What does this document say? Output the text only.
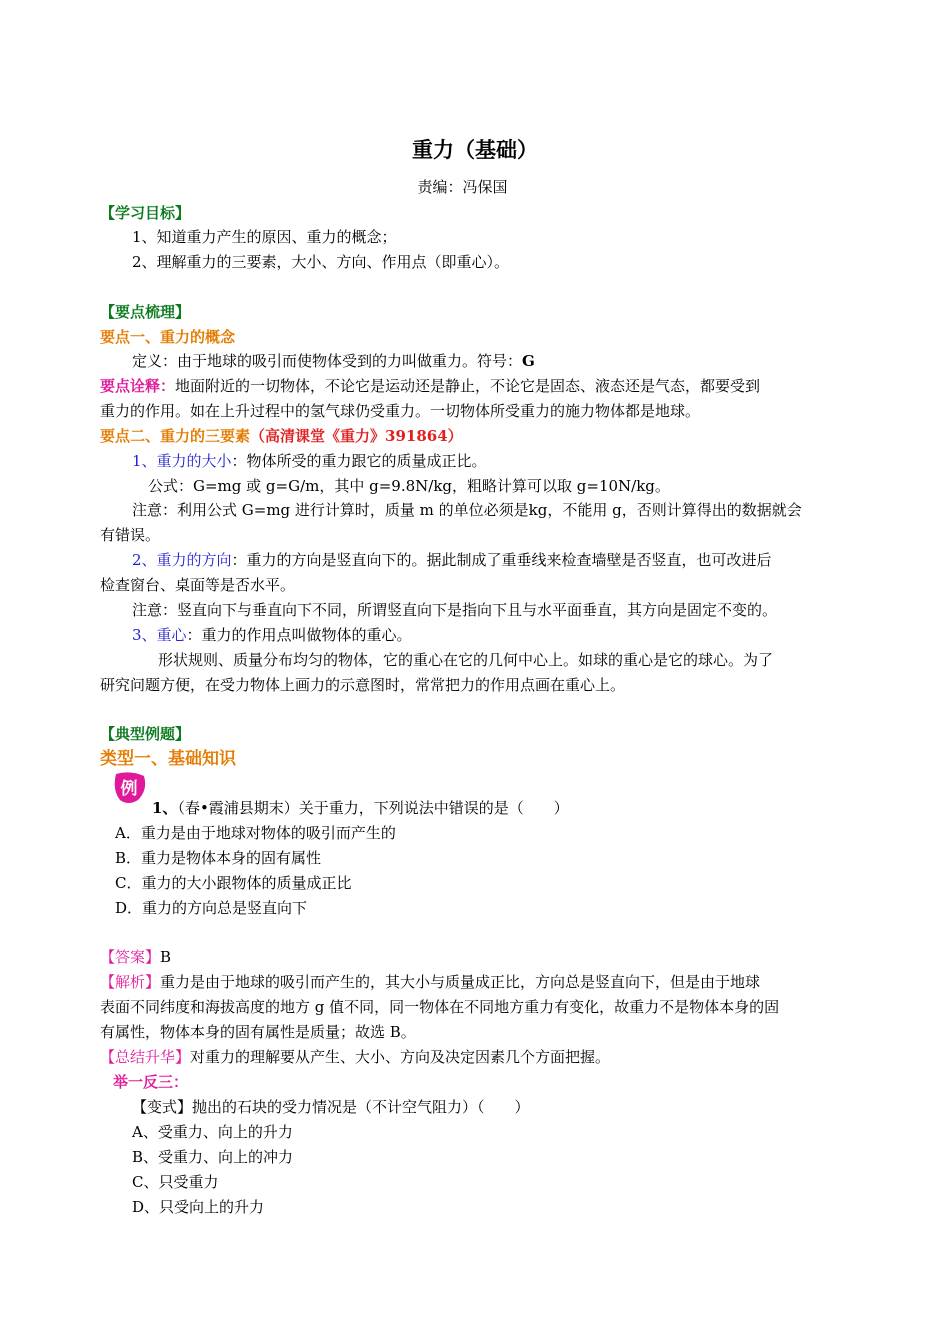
重力（基础）
责编：冯保国
【学习目标】
1、知道重力产生的原因、重力的概念；
2、理解重力的三要素，大小、方向、作用点（即重心）。
【要点梳理】
要点一、重力的概念
定义：由于地球的吸引而使物体受到的力叫做重力。符号：G
要点诠释：地面附近的一切物体，不论它是运动还是静止，不论它是固态、液态还是气态，都要受到
重力的作用。如在上升过程中的氢气球仍受重力。一切物体所受重力的施力物体都是地球。
要点二、重力的三要素（高清课堂《重力》391864）
1、重力的大小：物体所受的重力跟它的质量成正比。
公式：G=mg 或 g=G/m，其中 g=9.8N/kg，粗略计算可以取 g=10N/kg。
注意：利用公式 G=mg 进行计算时，质量 m 的单位必须是kg，不能用 g，否则计算得出的数据就会
有错误。
2、重力的方向：重力的方向是竖直向下的。据此制成了重垂线来检查墙壁是否竖直，也可改进后
检查窗台、桌面等是否水平。
注意：竖直向下与垂直向下不同，所谓竖直向下是指向下且与水平面垂直，其方向是固定不变的。
3、重心：重力的作用点叫做物体的重心。
形状规则、质量分布均匀的物体，它的重心在它的几何中心上。如球的重心是它的球心。为了
研究问题方便，在受力物体上画力的示意图时，常常把力的作用点画在重心上。
【典型例题】
类型一、基础知识
例
1、（春•霞浦县期末）关于重力，下列说法中错误的是（　　）
A．重力是由于地球对物体的吸引而产生的
B．重力是物体本身的固有属性
C．重力的大小跟物体的质量成正比
D．重力的方向总是竖直向下
【答案】B
【解析】重力是由于地球的吸引而产生的，其大小与质量成正比，方向总是竖直向下，但是由于地球
表面不同纬度和海拔高度的地方 g 值不同，同一物体在不同地方重力有变化，故重力不是物体本身的固
有属性，物体本身的固有属性是质量；故选 B。
【总结升华】对重力的理解要从产生、大小、方向及决定因素几个方面把握。
举一反三：
【变式】抛出的石块的受力情况是（不计空气阻力）（　　）
A、受重力、向上的升力
B、受重力、向上的冲力
C、只受重力
D、只受向上的升力
